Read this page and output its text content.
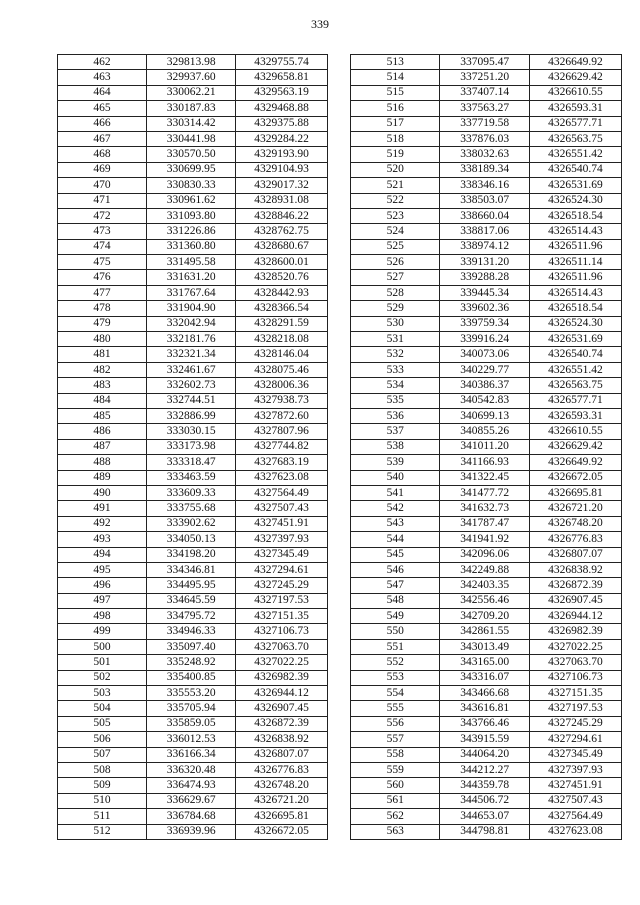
339
462	329813.98	4329755.74
463	329937.60	4329658.81
464	330062.21	4329563.19
465	330187.83	4329468.88
466	330314.42	4329375.88
467	330441.98	4329284.22
468	330570.50	4329193.90
469	330699.95	4329104.93
470	330830.33	4329017.32
471	330961.62	4328931.08
472	331093.80	4328846.22
473	331226.86	4328762.75
474	331360.80	4328680.67
475	331495.58	4328600.01
476	331631.20	4328520.76
477	331767.64	4328442.93
478	331904.90	4328366.54
479	332042.94	4328291.59
480	332181.76	4328218.08
481	332321.34	4328146.04
482	332461.67	4328075.46
483	332602.73	4328006.36
484	332744.51	4327938.73
485	332886.99	4327872.60
486	333030.15	4327807.96
487	333173.98	4327744.82
488	333318.47	4327683.19
489	333463.59	4327623.08
490	333609.33	4327564.49
491	333755.68	4327507.43
492	333902.62	4327451.91
493	334050.13	4327397.93
494	334198.20	4327345.49
495	334346.81	4327294.61
496	334495.95	4327245.29
497	334645.59	4327197.53
498	334795.72	4327151.35
499	334946.33	4327106.73
500	335097.40	4327063.70
501	335248.92	4327022.25
502	335400.85	4326982.39
503	335553.20	4326944.12
504	335705.94	4326907.45
505	335859.05	4326872.39
506	336012.53	4326838.92
507	336166.34	4326807.07
508	336320.48	4326776.83
509	336474.93	4326748.20
510	336629.67	4326721.20
511	336784.68	4326695.81
512	336939.96	4326672.05
513	337095.47	4326649.92
514	337251.20	4326629.42
515	337407.14	4326610.55
516	337563.27	4326593.31
517	337719.58	4326577.71
518	337876.03	4326563.75
519	338032.63	4326551.42
520	338189.34	4326540.74
521	338346.16	4326531.69
522	338503.07	4326524.30
523	338660.04	4326518.54
524	338817.06	4326514.43
525	338974.12	4326511.96
526	339131.20	4326511.14
527	339288.28	4326511.96
528	339445.34	4326514.43
529	339602.36	4326518.54
530	339759.34	4326524.30
531	339916.24	4326531.69
532	340073.06	4326540.74
533	340229.77	4326551.42
534	340386.37	4326563.75
535	340542.83	4326577.71
536	340699.13	4326593.31
537	340855.26	4326610.55
538	341011.20	4326629.42
539	341166.93	4326649.92
540	341322.45	4326672.05
541	341477.72	4326695.81
542	341632.73	4326721.20
543	341787.47	4326748.20
544	341941.92	4326776.83
545	342096.06	4326807.07
546	342249.88	4326838.92
547	342403.35	4326872.39
548	342556.46	4326907.45
549	342709.20	4326944.12
550	342861.55	4326982.39
551	343013.49	4327022.25
552	343165.00	4327063.70
553	343316.07	4327106.73
554	343466.68	4327151.35
555	343616.81	4327197.53
556	343766.46	4327245.29
557	343915.59	4327294.61
558	344064.20	4327345.49
559	344212.27	4327397.93
560	344359.78	4327451.91
561	344506.72	4327507.43
562	344653.07	4327564.49
563	344798.81	4327623.08
